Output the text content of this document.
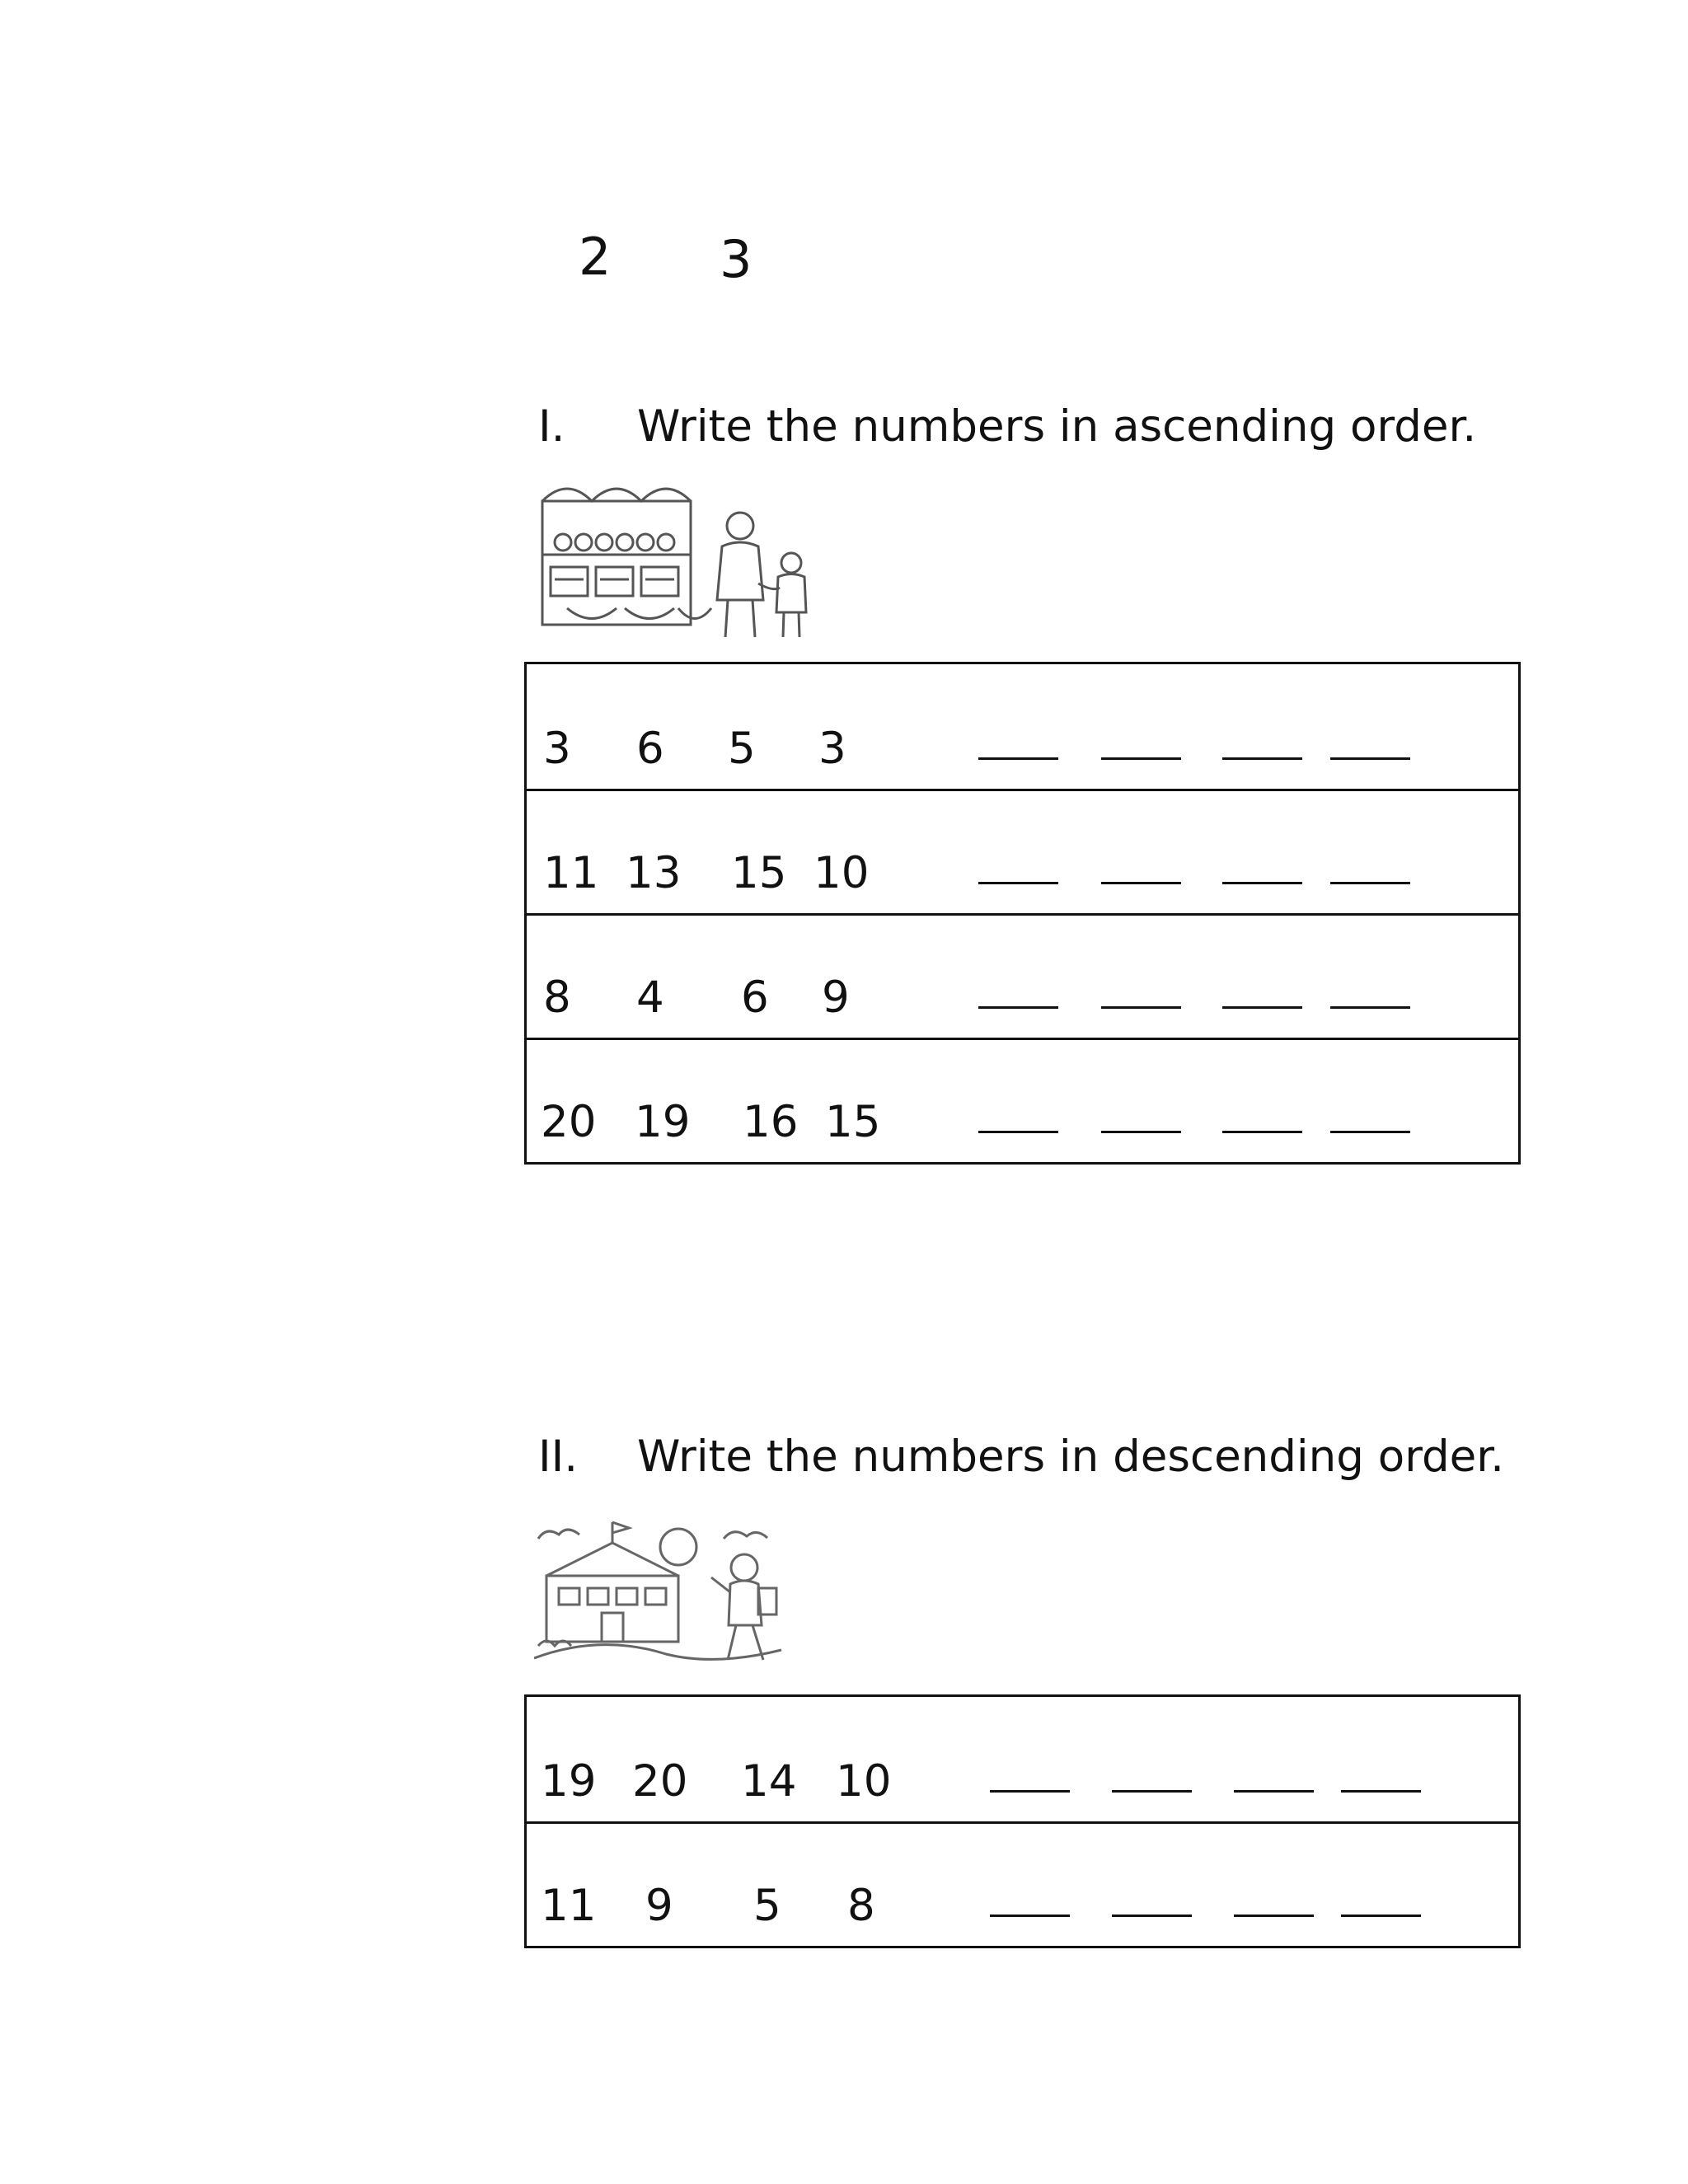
2 3
I. Write the numbers in ascending order.
3 6 5 3
11 13 15 10
8 4 6 9
20 19 16 15
II. Write the numbers in descending order.
19 20 14 10
11 9 5 8
